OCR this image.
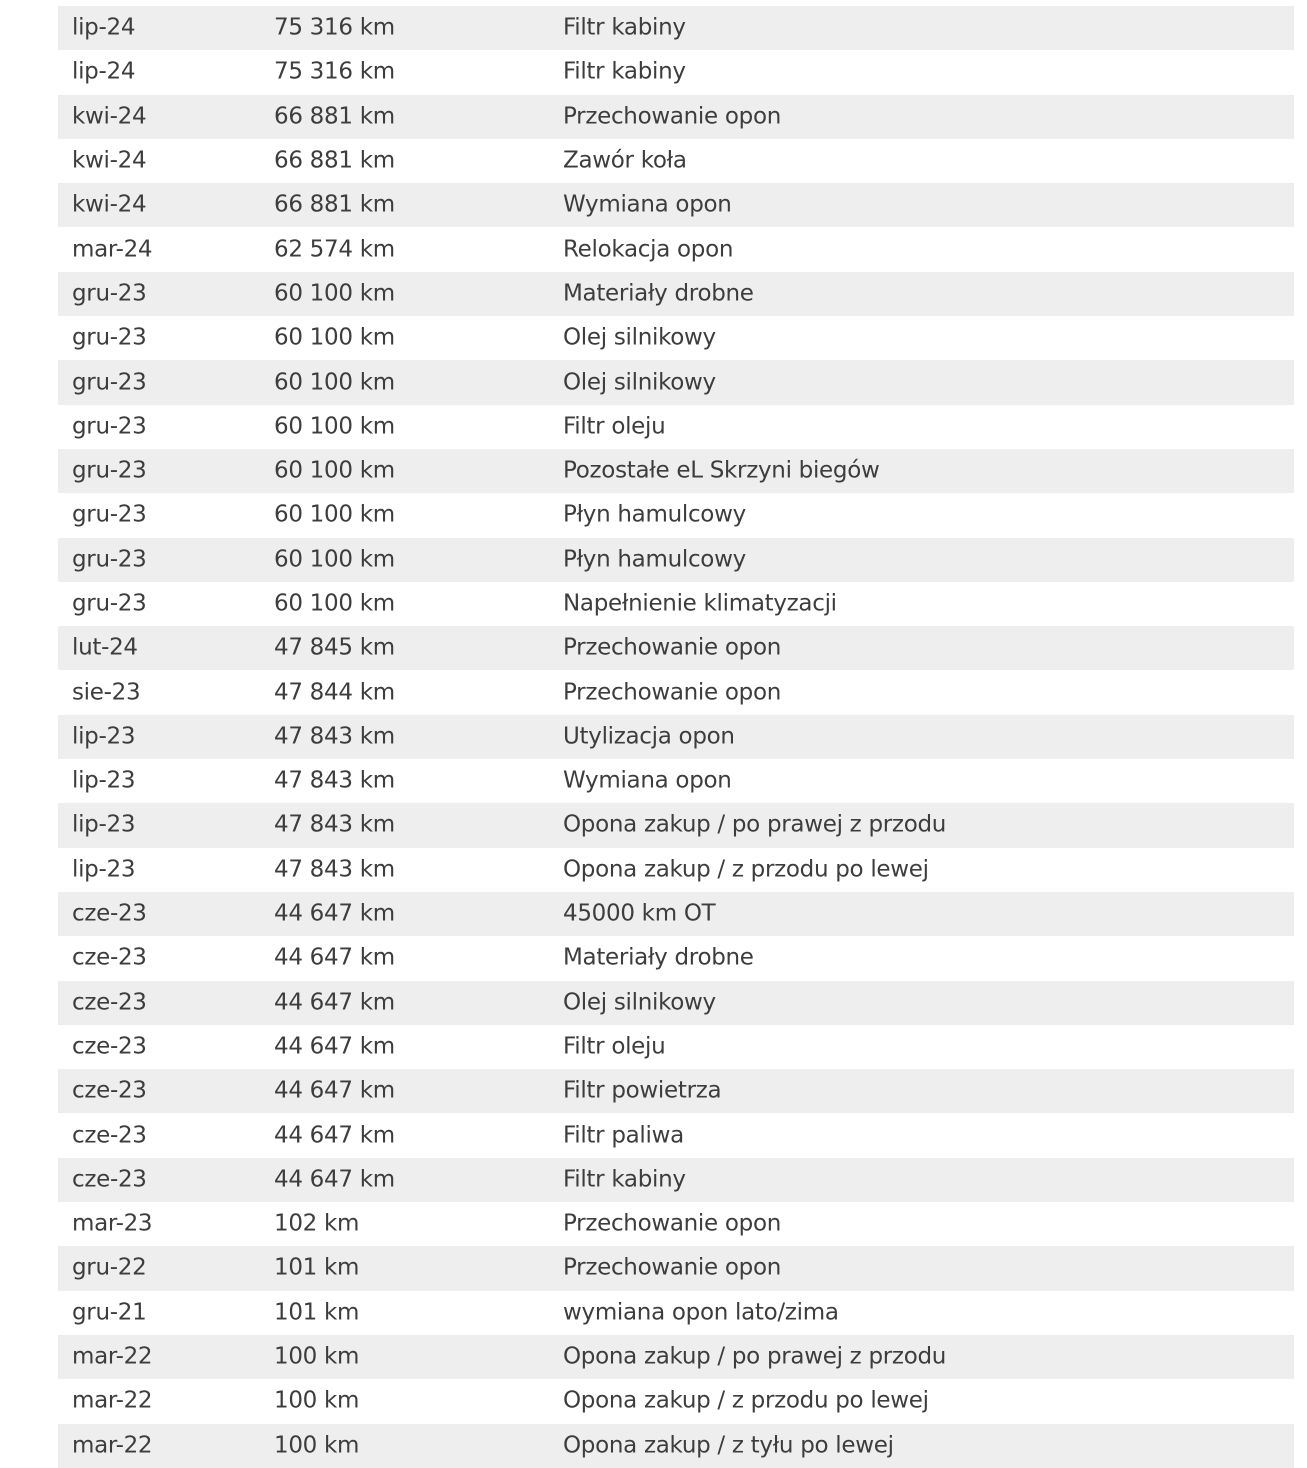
lip-24	75 316 km	Filtr kabiny
lip-24	75 316 km	Filtr kabiny
kwi-24	66 881 km	Przechowanie opon
kwi-24	66 881 km	Zawór koła
kwi-24	66 881 km	Wymiana opon
mar-24	62 574 km	Relokacja opon
gru-23	60 100 km	Materiały drobne
gru-23	60 100 km	Olej silnikowy
gru-23	60 100 km	Olej silnikowy
gru-23	60 100 km	Filtr oleju
gru-23	60 100 km	Pozostałe eL Skrzyni biegów
gru-23	60 100 km	Płyn hamulcowy
gru-23	60 100 km	Płyn hamulcowy
gru-23	60 100 km	Napełnienie klimatyzacji
lut-24	47 845 km	Przechowanie opon
sie-23	47 844 km	Przechowanie opon
lip-23	47 843 km	Utylizacja opon
lip-23	47 843 km	Wymiana opon
lip-23	47 843 km	Opona zakup / po prawej z przodu
lip-23	47 843 km	Opona zakup / z przodu po lewej
cze-23	44 647 km	45000 km OT
cze-23	44 647 km	Materiały drobne
cze-23	44 647 km	Olej silnikowy
cze-23	44 647 km	Filtr oleju
cze-23	44 647 km	Filtr powietrza
cze-23	44 647 km	Filtr paliwa
cze-23	44 647 km	Filtr kabiny
mar-23	102 km	Przechowanie opon
gru-22	101 km	Przechowanie opon
gru-21	101 km	wymiana opon lato/zima
mar-22	100 km	Opona zakup / po prawej z przodu
mar-22	100 km	Opona zakup / z przodu po lewej
mar-22	100 km	Opona zakup / z tyłu po lewej
